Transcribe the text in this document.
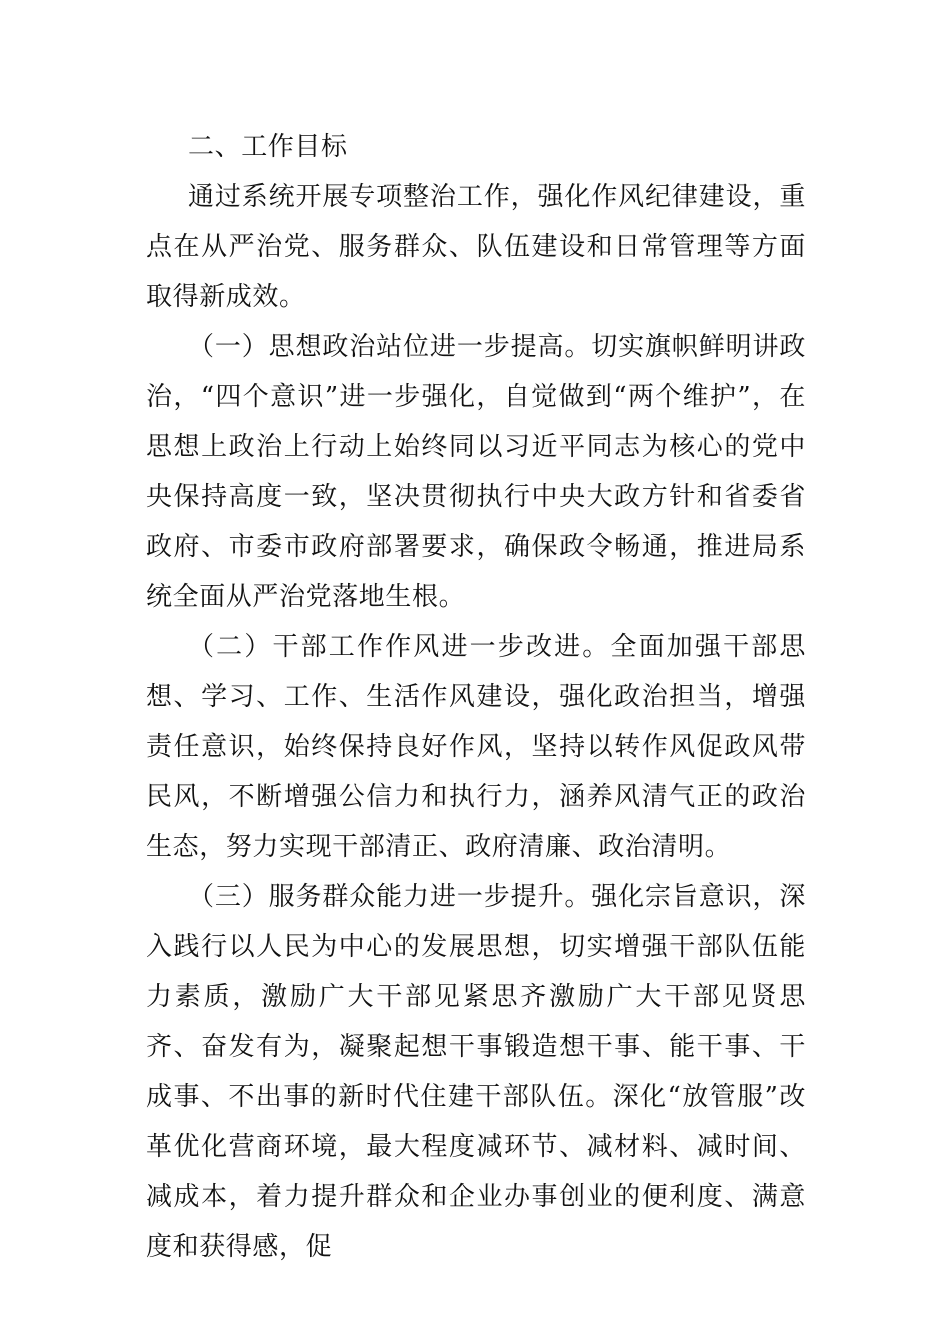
二、工作目标

通过系统开展专项整治工作，强化作风纪律建设，重点在从严治党、服务群众、队伍建设和日常管理等方面取得新成效。

（一）思想政治站位进一步提高。切实旗帜鲜明讲政治，“四个意识”进一步强化，自觉做到“两个维护”，在思想上政治上行动上始终同以习近平同志为核心的党中央保持高度一致，坚决贯彻执行中央大政方针和省委省政府、市委市政府部署要求，确保政令畅通，推进局系统全面从严治党落地生根。

（二）干部工作作风进一步改进。全面加强干部思想、学习、工作、生活作风建设，强化政治担当，增强责任意识，始终保持良好作风，坚持以转作风促政风带民风，不断增强公信力和执行力，涵养风清气正的政治生态，努力实现干部清正、政府清廉、政治清明。

（三）服务群众能力进一步提升。强化宗旨意识，深入践行以人民为中心的发展思想，切实增强干部队伍能力素质，激励广大干部见紧思齐激励广大干部见贤思齐、奋发有为，凝聚起想干事锻造想干事、能干事、干成事、不出事的新时代住建干部队伍。深化“放管服”改革优化营商环境，最大程度减环节、减材料、减时间、减成本，着力提升群众和企业办事创业的便利度、满意度和获得感，促
